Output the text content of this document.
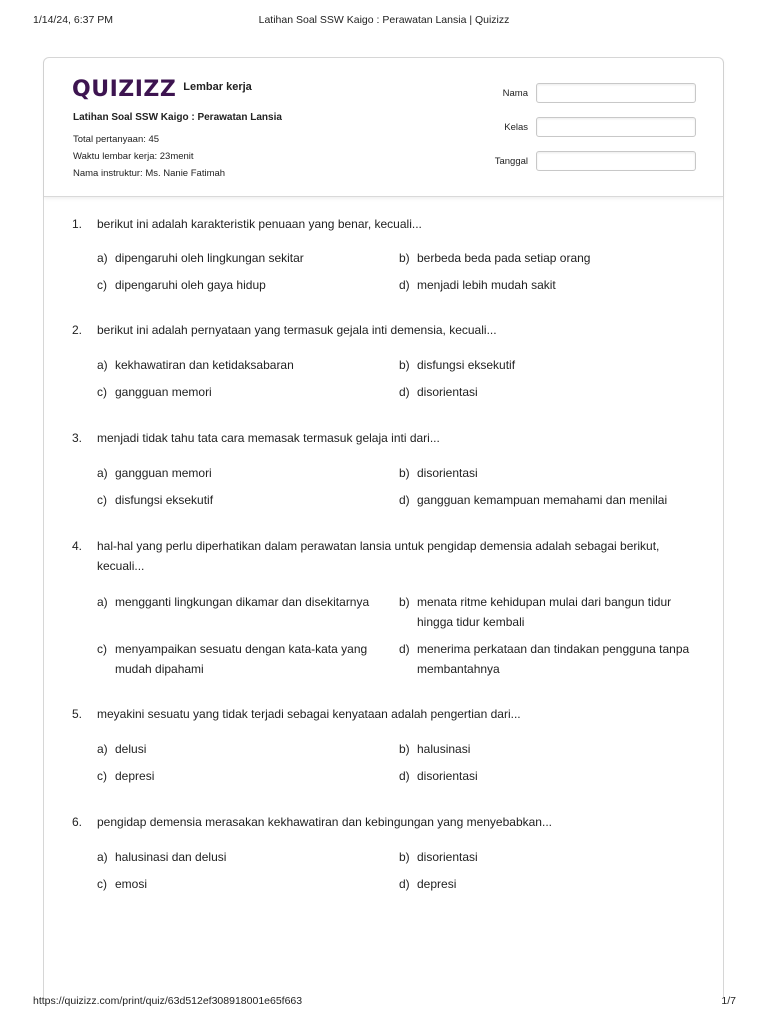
1/14/24, 6:37 PM	Latihan Soal SSW Kaigo : Perawatan Lansia | Quizizz
QUIZIZZ Lembar kerja
Latihan Soal SSW Kaigo : Perawatan Lansia
Total pertanyaan: 45
Waktu lembar kerja: 23menit
Nama instruktur: Ms. Nanie Fatimah
Nama
Kelas
Tanggal
1. berikut ini adalah karakteristik penuaan yang benar, kecuali...
a) dipengaruhi oleh lingkungan sekitar	b) berbeda beda pada setiap orang
c) dipengaruhi oleh gaya hidup	d) menjadi lebih mudah sakit
2. berikut ini adalah pernyataan yang termasuk gejala inti demensia, kecuali...
a) kekhawatiran dan ketidaksabaran	b) disfungsi eksekutif
c) gangguan memori	d) disorientasi
3. menjadi tidak tahu tata cara memasak termasuk gelaja inti dari...
a) gangguan memori	b) disorientasi
c) disfungsi eksekutif	d) gangguan kemampuan memahami dan menilai
4. hal-hal yang perlu diperhatikan dalam perawatan lansia untuk pengidap demensia adalah sebagai berikut, kecuali...
a) mengganti lingkungan dikamar dan disekitarnya	b) menata ritme kehidupan mulai dari bangun tidur hingga tidur kembali
c) menyampaikan sesuatu dengan kata-kata yang mudah dipahami
d) menerima perkataan dan tindakan pengguna tanpa membantahnya
5. meyakini sesuatu yang tidak terjadi sebagai kenyataan adalah pengertian dari...
a) delusi	b) halusinasi
c) depresi	d) disorientasi
6. pengidap demensia merasakan kekhawatiran dan kebingungan yang menyebabkan...
a) halusinasi dan delusi	b) disorientasi
c) emosi	d) depresi
https://quizizz.com/print/quiz/63d512ef308918001e65f663	1/7
